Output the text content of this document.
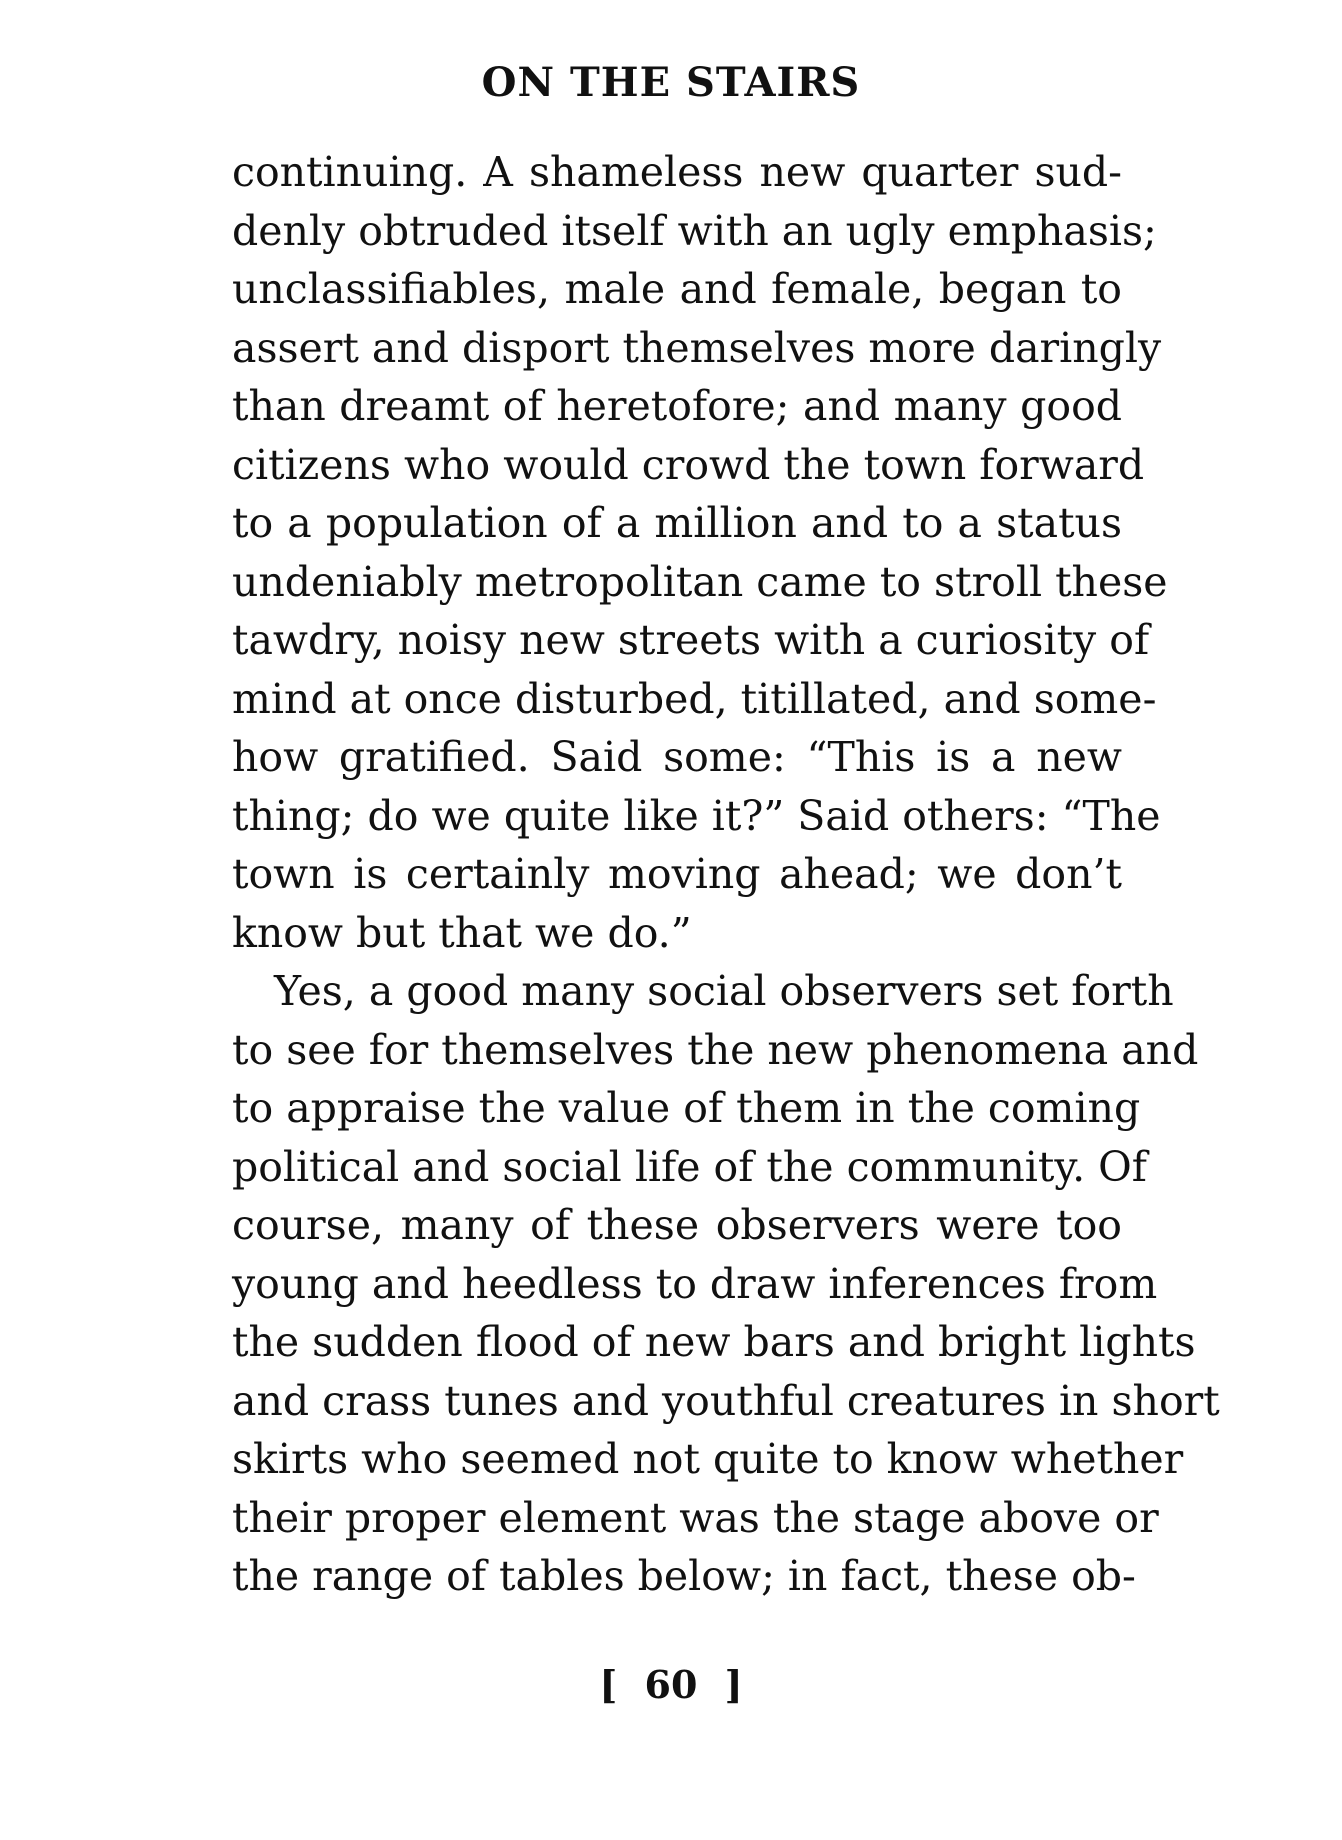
ON THE STAIRS
continuing. A shameless new quarter sud-
denly obtruded itself with an ugly emphasis;
unclassifiables, male and female, began to
assert and disport themselves more daringly
than dreamt of heretofore; and many good
citizens who would crowd the town forward
to a population of a million and to a status
undeniably metropolitan came to stroll these
tawdry, noisy new streets with a curiosity of
mind at once disturbed, titillated, and some-
how gratified. Said some: “This is a new
thing; do we quite like it?” Said others: “The
town is certainly moving ahead; we don’t
know but that we do.”
Yes, a good many social observers set forth
to see for themselves the new phenomena and
to appraise the value of them in the coming
political and social life of the community. Of
course, many of these observers were too
young and heedless to draw inferences from
the sudden flood of new bars and bright lights
and crass tunes and youthful creatures in short
skirts who seemed not quite to know whether
their proper element was the stage above or
the range of tables below; in fact, these ob-
[ 60 ]
